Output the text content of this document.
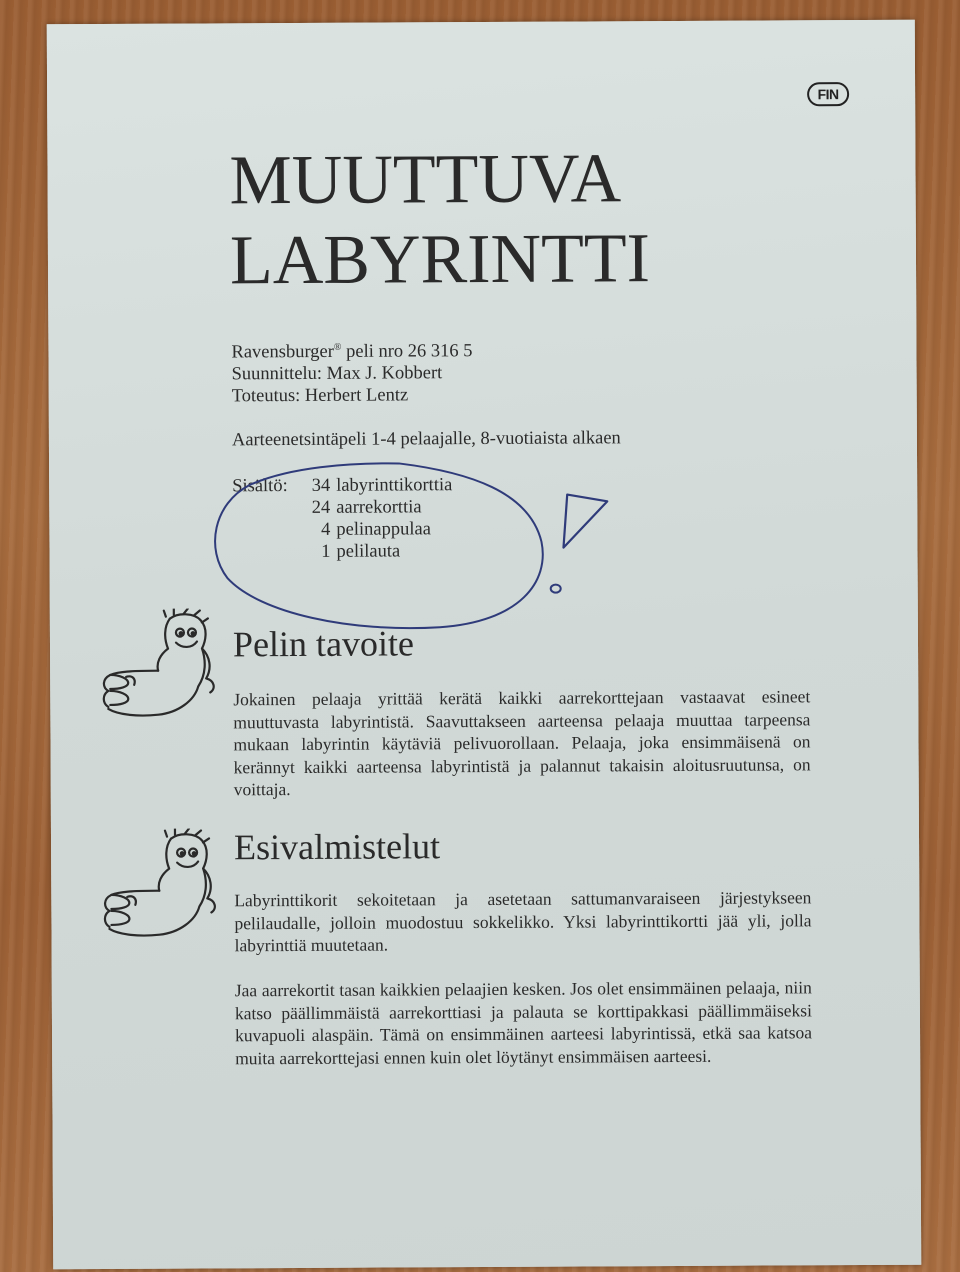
FIN
MUUTTUVA
LABYRINTTI
Ravensburger® peli nro 26 316 5
Suunnittelu: Max J. Kobbert
Toteutus: Herbert Lentz
Aarteenetsintäpeli 1-4 pelaajalle, 8-vuotiaista alkaen
Sisältö:	34 labyrinttikorttia
24 aarrekorttia
4 pelinappulaa
1 pelilauta
Pelin tavoite

Jokainen pelaaja yrittää kerätä kaikki aarrekorttejaan vastaavat esineet muuttuvasta labyrintistä. Saavuttakseen aarteensa pelaaja muuttaa tarpeensa mukaan labyrintin käytäviä pelivuorollaan. Pelaaja, joka ensimmäisenä on kerännyt kaikki aarteensa labyrintistä ja palannut takaisin aloitusruutunsa, on voittaja.

Esivalmistelut

Labyrinttikorit sekoitetaan ja asetetaan sattumanvaraiseen järjestykseen pelilaudalle, jolloin muodostuu sokkelikko. Yksi labyrinttikortti jää yli, jolla labyrinttiä muutetaan.

Jaa aarrekortit tasan kaikkien pelaajien kesken. Jos olet ensimmäinen pelaaja, niin katso päällimmäistä aarrekorttiasi ja palauta se korttipakkasi päällimmäiseksi kuvapuoli alaspäin. Tämä on ensimmäinen aarteesi labyrintissä, etkä saa katsoa muita aarrekorttejasi ennen kuin olet löytänyt ensimmäisen aarteesi.
